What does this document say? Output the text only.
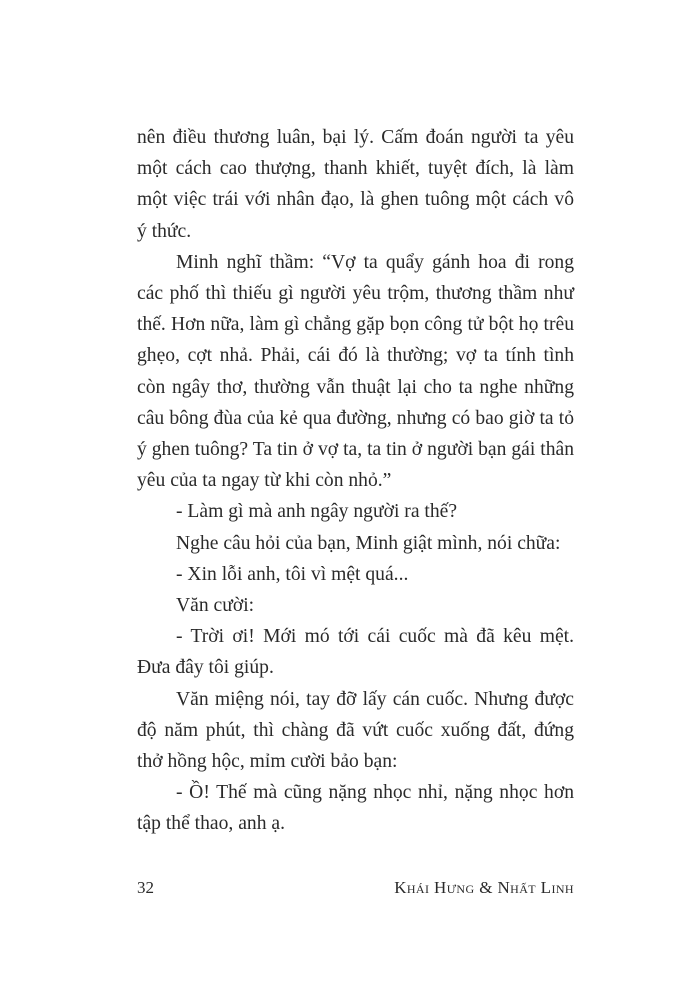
nên điều thương luân, bại lý. Cấm đoán người ta yêu một cách cao thượng, thanh khiết, tuyệt đích, là làm một việc trái với nhân đạo, là ghen tuông một cách vô ý thức.

Minh nghĩ thầm: “Vợ ta quẩy gánh hoa đi rong các phố thì thiếu gì người yêu trộm, thương thầm như thế. Hơn nữa, làm gì chẳng gặp bọn công tử bột họ trêu ghẹo, cợt nhả. Phải, cái đó là thường; vợ ta tính tình còn ngây thơ, thường vẫn thuật lại cho ta nghe những câu bông đùa của kẻ qua đường, nhưng có bao giờ ta tỏ ý ghen tuông? Ta tin ở vợ ta, ta tin ở người bạn gái thân yêu của ta ngay từ khi còn nhỏ.”

- Làm gì mà anh ngây người ra thế?

Nghe câu hỏi của bạn, Minh giật mình, nói chữa:

- Xin lỗi anh, tôi vì mệt quá...

Văn cười:

- Trời ơi! Mới mó tới cái cuốc mà đã kêu mệt. Đưa đây tôi giúp.

Văn miệng nói, tay đỡ lấy cán cuốc. Nhưng được độ năm phút, thì chàng đã vứt cuốc xuống đất, đứng thở hồng hộc, mỉm cười bảo bạn:

- Ồ! Thế mà cũng nặng nhọc nhỉ, nặng nhọc hơn tập thể thao, anh ạ.

32	Khái Hưng & Nhất Linh
